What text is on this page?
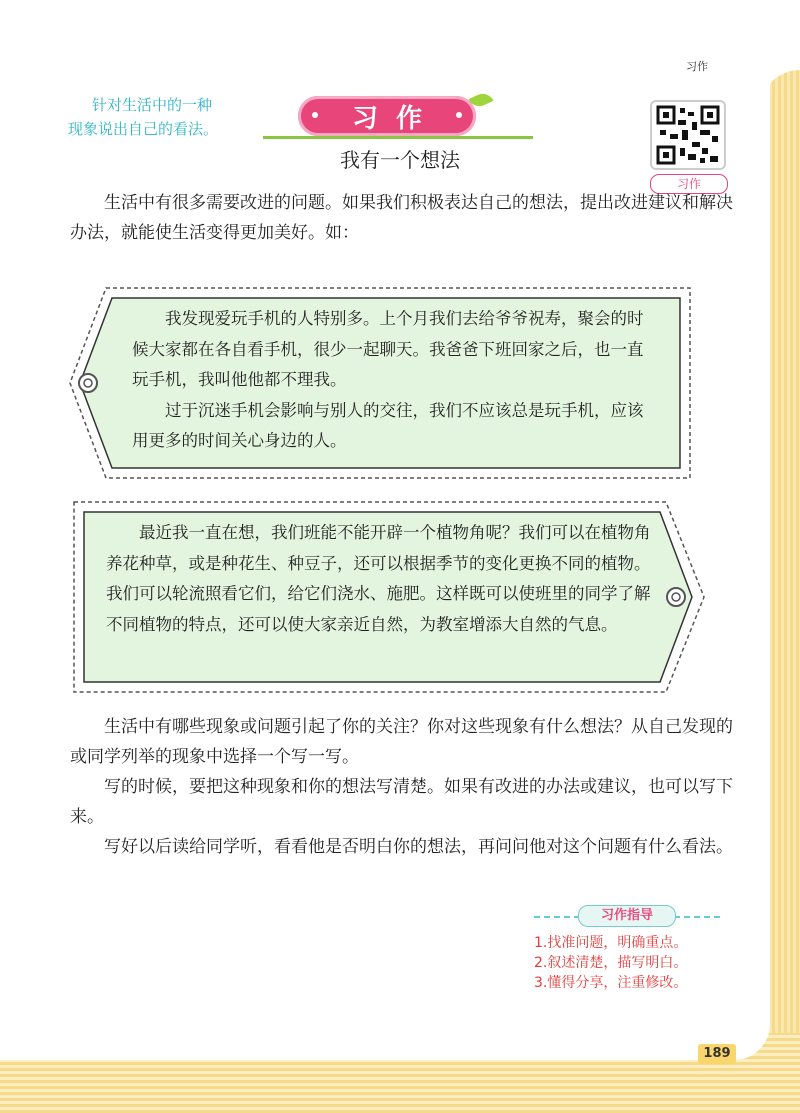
习作
针对生活中的一种
现象说出自己的看法。	习作
我有一个想法
习作

生活中有很多需要改进的问题。如果我们积极表达自己的想法，提出改进建议和解决办法，就能使生活变得更加美好。如：

我发现爱玩手机的人特别多。上个月我们去给爷爷祝寿，聚会的时候大家都在各自看手机，很少一起聊天。我爸爸下班回家之后，也一直玩手机，我叫他他都不理我。

过于沉迷手机会影响与别人的交往，我们不应该总是玩手机，应该用更多的时间关心身边的人。

最近我一直在想，我们班能不能开辟一个植物角呢？我们可以在植物角养花种草，或是种花生、种豆子，还可以根据季节的变化更换不同的植物。我们可以轮流照看它们，给它们浇水、施肥。这样既可以使班里的同学了解不同植物的特点，还可以使大家亲近自然，为教室增添大自然的气息。

生活中有哪些现象或问题引起了你的关注？你对这些现象有什么想法？从自己发现的或同学列举的现象中选择一个写一写。

写的时候，要把这种现象和你的想法写清楚。如果有改进的办法或建议，也可以写下来。

写好以后读给同学听，看看他是否明白你的想法，再问问他对这个问题有什么看法。

习作指导
1.找准问题，明确重点。
2.叙述清楚，描写明白。
3.懂得分享，注重修改。
189
